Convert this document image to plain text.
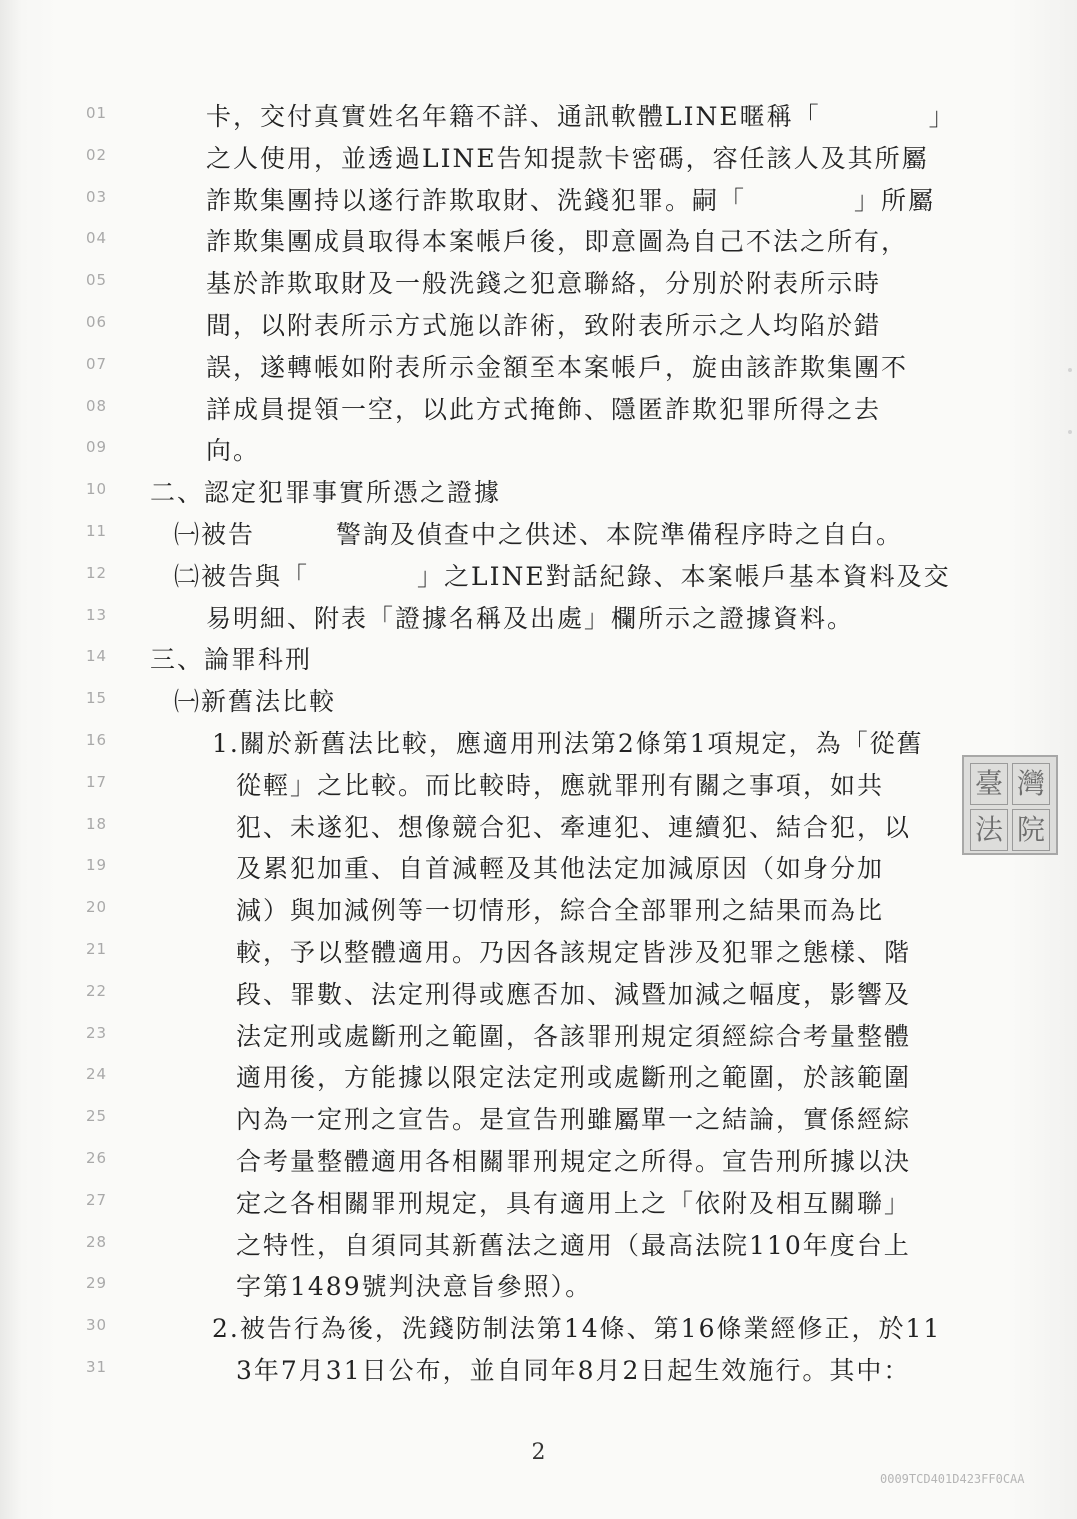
01	卡，交付真實姓名年籍不詳、通訊軟體LINE暱稱「　　　　」
02	之人使用，並透過LINE告知提款卡密碼，容任該人及其所屬
03	詐欺集團持以遂行詐欺取財、洗錢犯罪。嗣「　　　　」所屬
04	詐欺集團成員取得本案帳戶後，即意圖為自己不法之所有，
05	基於詐欺取財及一般洗錢之犯意聯絡，分別於附表所示時
06	間，以附表所示方式施以詐術，致附表所示之人均陷於錯
07	誤，遂轉帳如附表所示金額至本案帳戶，旋由該詐欺集團不
08	詳成員提領一空，以此方式掩飾、隱匿詐欺犯罪所得之去
09	向。
10	二、認定犯罪事實所憑之證據
11	㈠被告　　　警詢及偵查中之供述、本院準備程序時之自白。
12	㈡被告與「　　　　」之LINE對話紀錄、本案帳戶基本資料及交
13	易明細、附表「證據名稱及出處」欄所示之證據資料。
14	三、論罪科刑
15	㈠新舊法比較
16	1.關於新舊法比較，應適用刑法第2條第1項規定，為「從舊
17	從輕」之比較。而比較時，應就罪刑有關之事項，如共
18	犯、未遂犯、想像競合犯、牽連犯、連續犯、結合犯，以
19	及累犯加重、自首減輕及其他法定加減原因（如身分加
20	減）與加減例等一切情形，綜合全部罪刑之結果而為比
21	較，予以整體適用。乃因各該規定皆涉及犯罪之態樣、階
22	段、罪數、法定刑得或應否加、減暨加減之幅度，影響及
23	法定刑或處斷刑之範圍，各該罪刑規定須經綜合考量整體
24	適用後，方能據以限定法定刑或處斷刑之範圍，於該範圍
25	內為一定刑之宣告。是宣告刑雖屬單一之結論，實係經綜
26	合考量整體適用各相關罪刑規定之所得。宣告刑所據以決
27	定之各相關罪刑規定，具有適用上之「依附及相互關聯」
28	之特性，自須同其新舊法之適用（最高法院110年度台上
29	字第1489號判決意旨參照）。
30	2.被告行為後，洗錢防制法第14條、第16條業經修正，於11
31	3年7月31日公布，並自同年8月2日起生效施行。其中：
臺 灣
法 院
2
0009TCD401D423FF0CAA
